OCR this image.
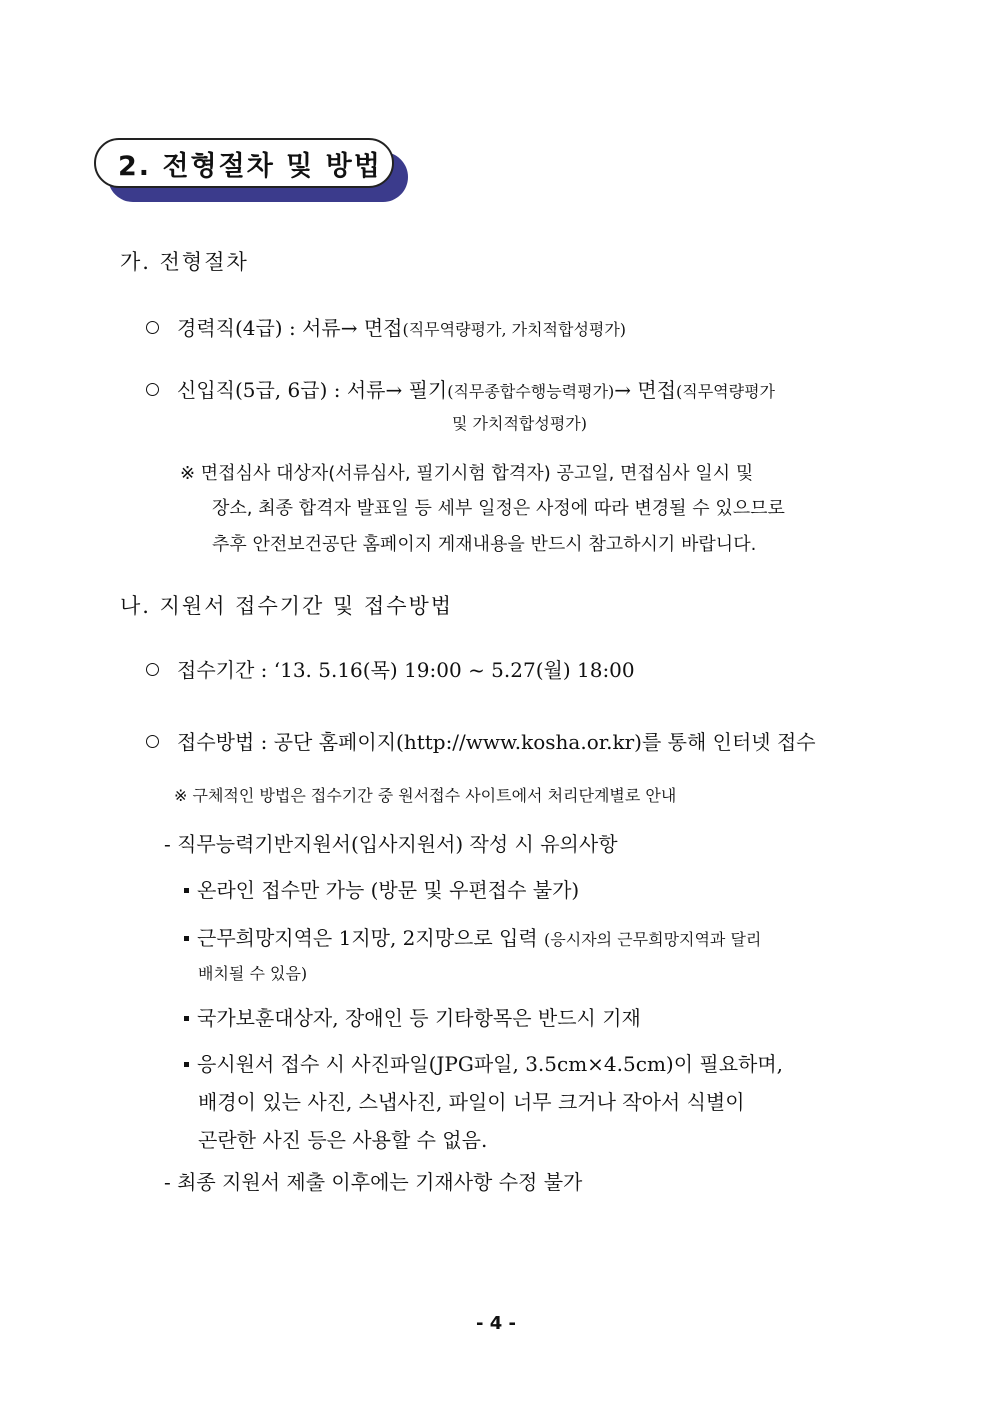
2. 전형절차 및 방법
가. 전형절차
경력직(4급) : 서류→ 면접(직무역량평가, 가치적합성평가)
신입직(5급, 6급) : 서류→ 필기(직무종합수행능력평가)→ 면접(직무역량평가
및 가치적합성평가)
※ 면접심사 대상자(서류심사, 필기시험 합격자) 공고일, 면접심사 일시 및
장소, 최종 합격자 발표일 등 세부 일정은 사정에 따라 변경될 수 있으므로
추후 안전보건공단 홈페이지 게재내용을 반드시 참고하시기 바랍니다.
나. 지원서 접수기간 및 접수방법
접수기간 : ‘13. 5.16(목) 19:00 ~ 5.27(월) 18:00
접수방법 : 공단 홈페이지(http://www.kosha.or.kr)를 통해 인터넷 접수
※ 구체적인 방법은 접수기간 중 원서접수 사이트에서 처리단계별로 안내
- 직무능력기반지원서(입사지원서) 작성 시 유의사항
온라인 접수만 가능 (방문 및 우편접수 불가)
근무희망지역은 1지망, 2지망으로 입력 (응시자의 근무희망지역과 달리
배치될 수 있음)
국가보훈대상자, 장애인 등 기타항목은 반드시 기재
응시원서 접수 시 사진파일(JPG파일, 3.5cm×4.5cm)이 필요하며,
배경이 있는 사진, 스냅사진, 파일이 너무 크거나 작아서 식별이
곤란한 사진 등은 사용할 수 없음.
- 최종 지원서 제출 이후에는 기재사항 수정 불가
- 4 -
